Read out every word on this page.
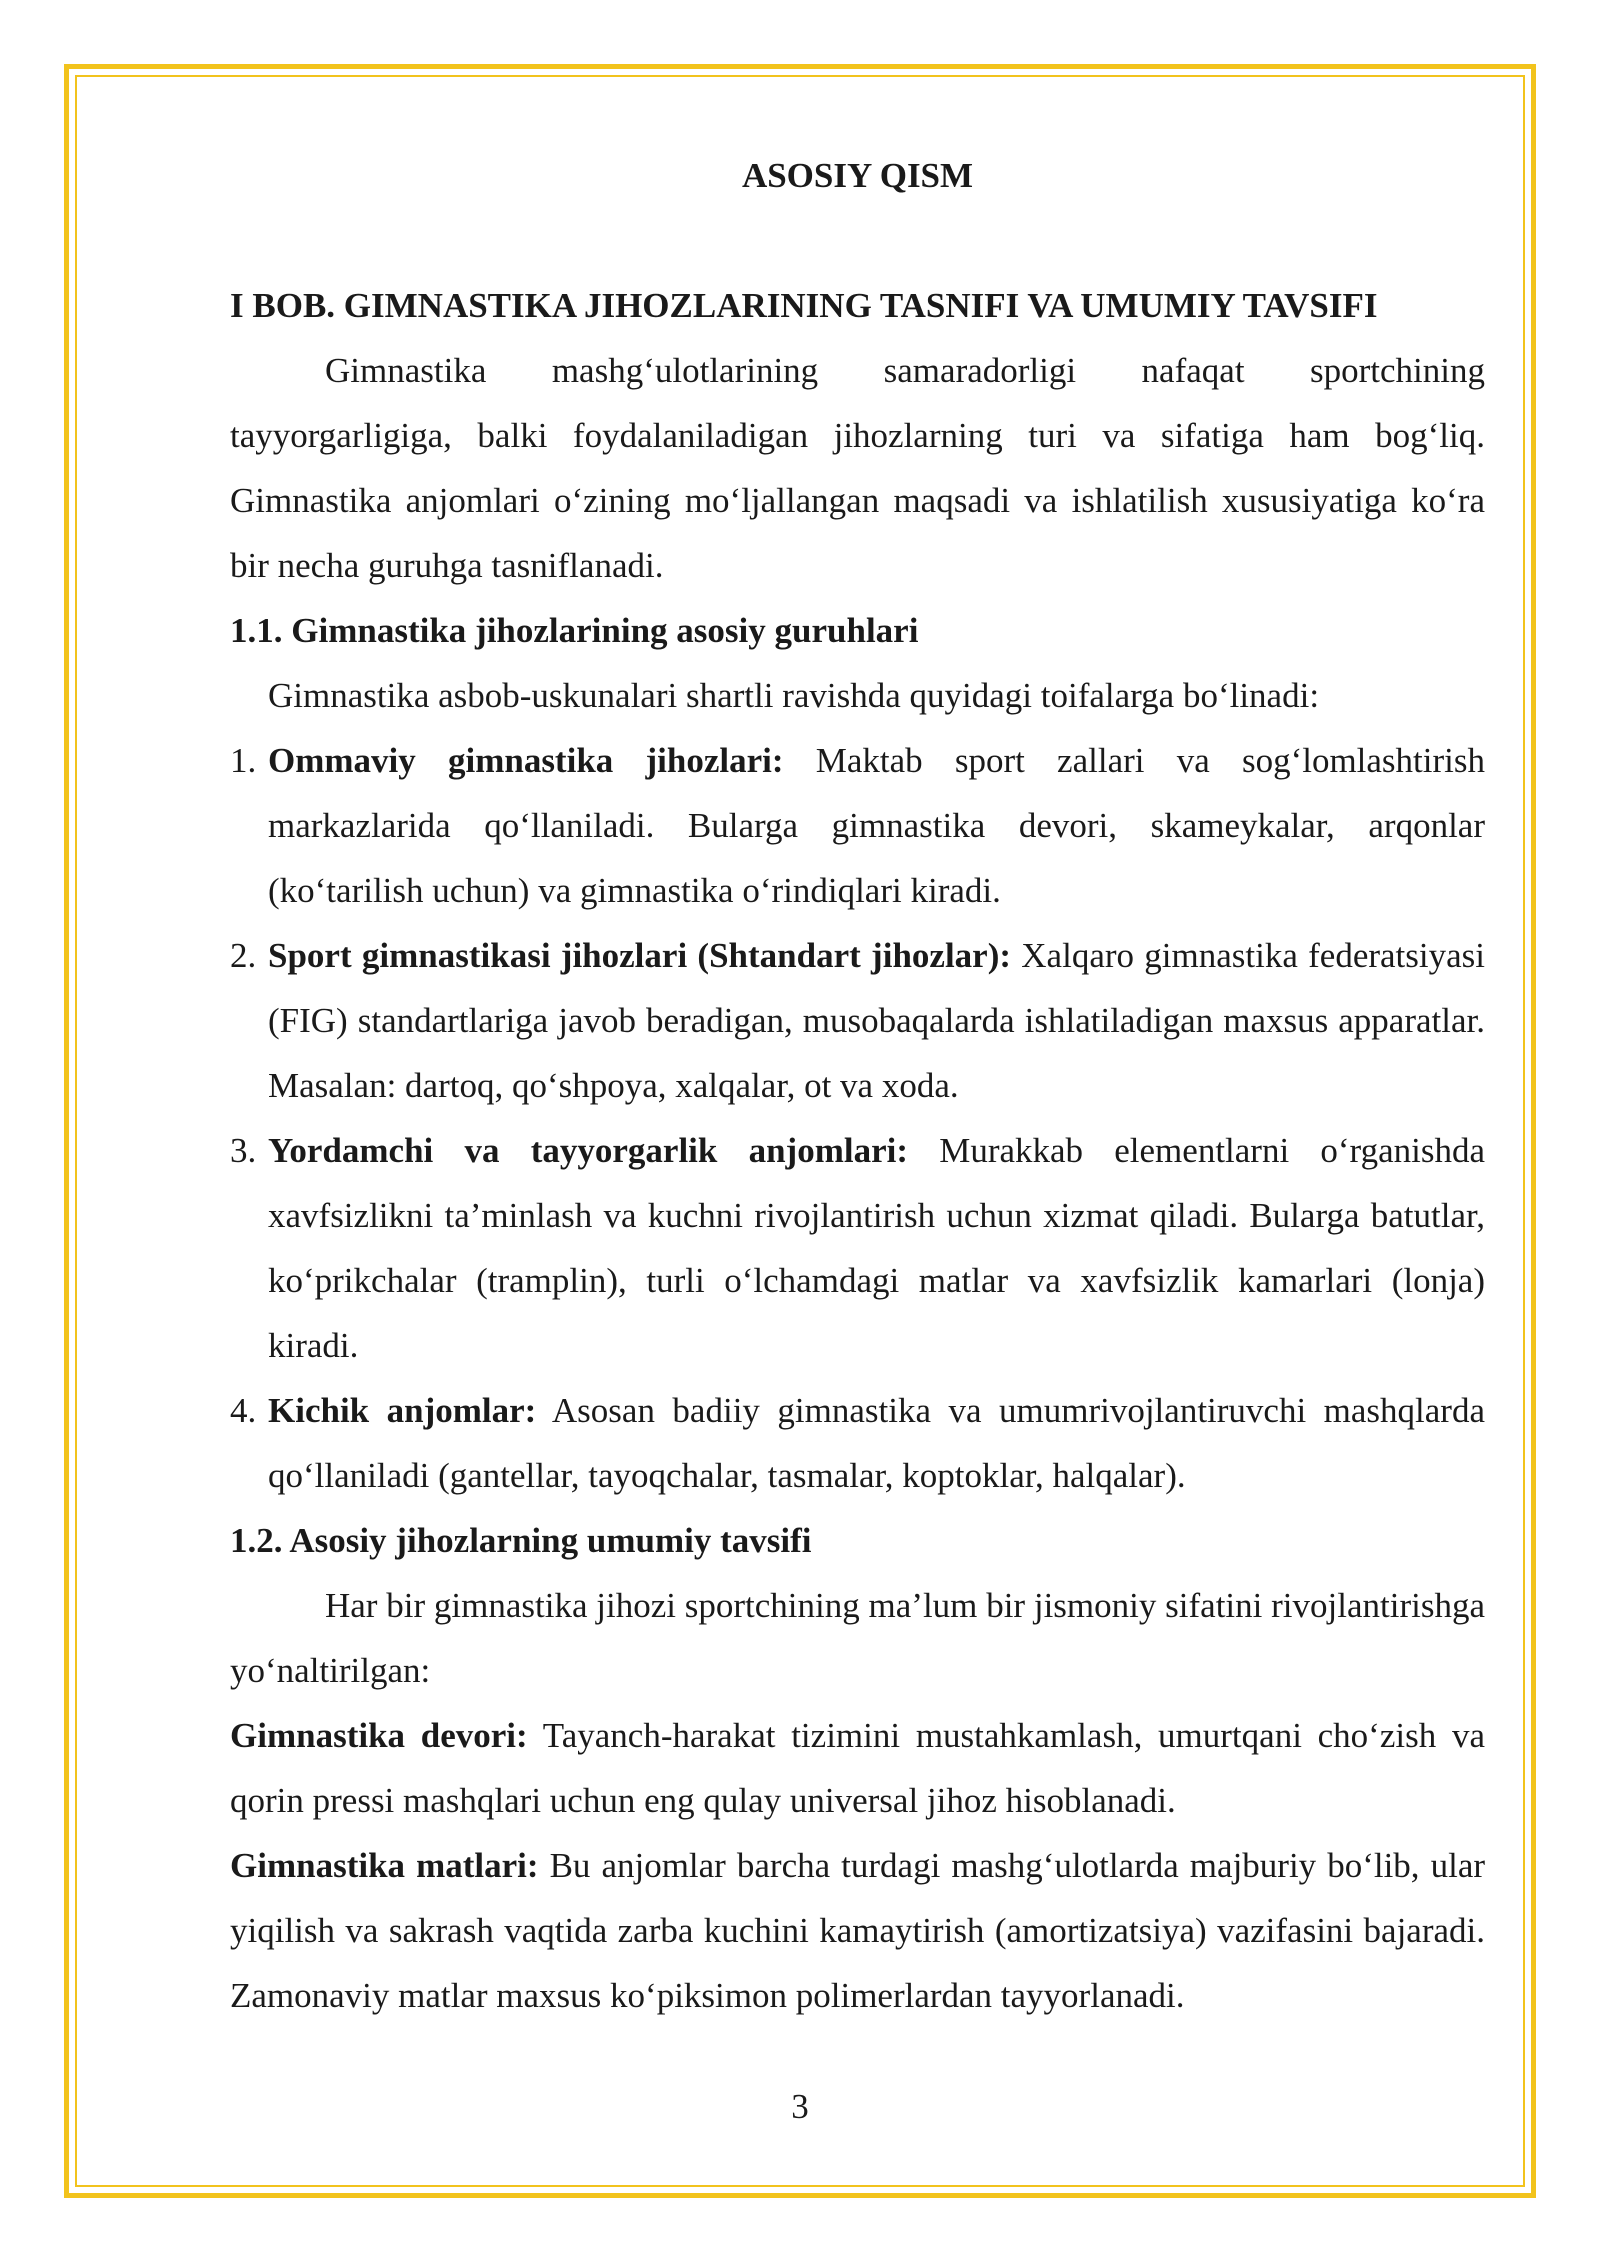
ASOSIY QISM

I BOB. GIMNASTIKA JIHOZLARINING TASNIFI VA UMUMIY TAVSIFI

Gimnastika mashg‘ulotlarining samaradorligi nafaqat sportchining tayyorgarligiga, balki foydalaniladigan jihozlarning turi va sifatiga ham bog‘liq. Gimnastika anjomlari o‘zining mo‘ljallangan maqsadi va ishlatilish xususiyatiga ko‘ra bir necha guruhga tasniflanadi.

1.1. Gimnastika jihozlarining asosiy guruhlari

Gimnastika asbob-uskunalari shartli ravishda quyidagi toifalarga bo‘linadi:

1. Ommaviy gimnastika jihozlari: Maktab sport zallari va sog‘lomlashtirish markazlarida qo‘llaniladi. Bularga gimnastika devori, skameykalar, arqonlar (ko‘tarilish uchun) va gimnastika o‘rindiqlari kiradi.
2. Sport gimnastikasi jihozlari (Shtandart jihozlar): Xalqaro gimnastika federatsiyasi (FIG) standartlariga javob beradigan, musobaqalarda ishlatiladigan maxsus apparatlar. Masalan: dartoq, qo‘shpoya, xalqalar, ot va xoda.
3. Yordamchi va tayyorgarlik anjomlari: Murakkab elementlarni o‘rganishda xavfsizlikni ta’minlash va kuchni rivojlantirish uchun xizmat qiladi. Bularga batutlar, ko‘prikchalar (tramplin), turli o‘lchamdagi matlar va xavfsizlik kamarlari (lonja) kiradi.
4. Kichik anjomlar: Asosan badiiy gimnastika va umumrivojlantiruvchi mashqlarda qo‘llaniladi (gantellar, tayoqchalar, tasmalar, koptoklar, halqalar).

1.2. Asosiy jihozlarning umumiy tavsifi

Har bir gimnastika jihozi sportchining ma’lum bir jismoniy sifatini rivojlantirishga yo‘naltirilgan:

Gimnastika devori: Tayanch-harakat tizimini mustahkamlash, umurtqani cho‘zish va qorin pressi mashqlari uchun eng qulay universal jihoz hisoblanadi.

Gimnastika matlari: Bu anjomlar barcha turdagi mashg‘ulotlarda majburiy bo‘lib, ular yiqilish va sakrash vaqtida zarba kuchini kamaytirish (amortizatsiya) vazifasini bajaradi. Zamonaviy matlar maxsus ko‘piksimon polimerlardan tayyorlanadi.

3
